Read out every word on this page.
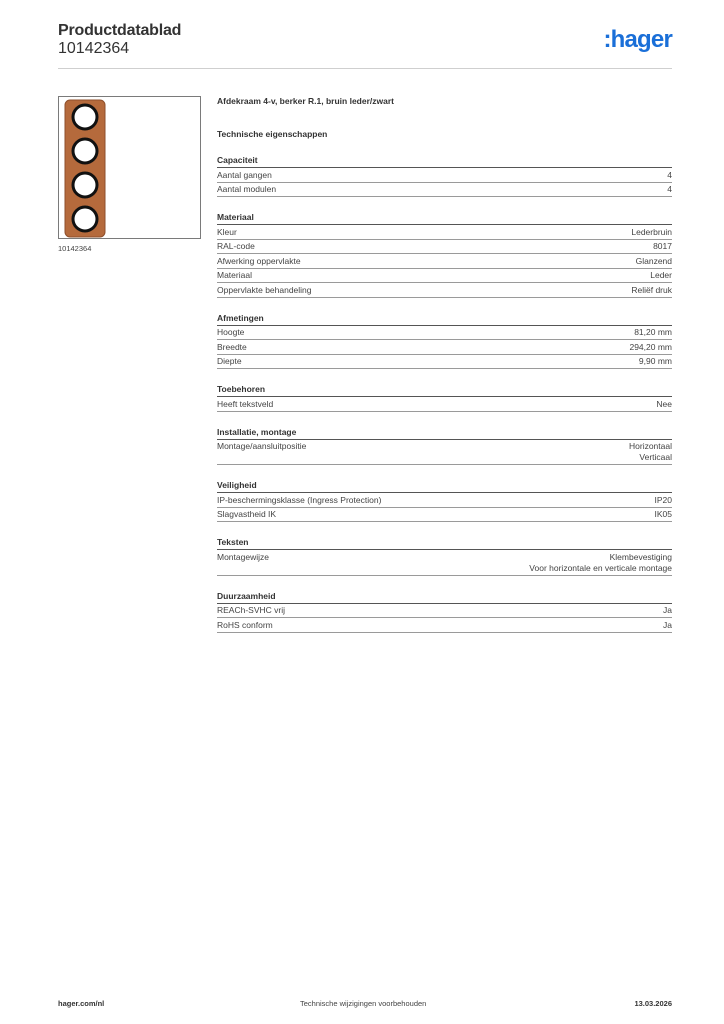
Productdatablad
10142364	:hager
10142364
Afdekraam 4-v, berker R.1, bruin leder/zwart
Technische eigenschappen
Capaciteit
Aantal gangen	4
Aantal modulen	4
Materiaal
Kleur	Lederbruin
RAL-code	8017
Afwerking oppervlakte	Glanzend
Materiaal	Leder
Oppervlakte behandeling	Reliëf druk
Afmetingen
Hoogte	81,20 mm
Breedte	294,20 mm
Diepte	9,90 mm
Toebehoren
Heeft tekstveld	Nee
Installatie, montage
Montage/aansluitpositie	Horizontaal
Verticaal
Veiligheid
IP-beschermingsklasse (Ingress Protection)	IP20
Slagvastheid IK	IK05
Teksten
Montagewijze	Klembevestiging
Voor horizontale en verticale montage
Duurzaamheid
REACh-SVHC vrij	Ja
RoHS conform	Ja
hager.com/nl	Technische wijzigingen voorbehouden	13.03.2026
